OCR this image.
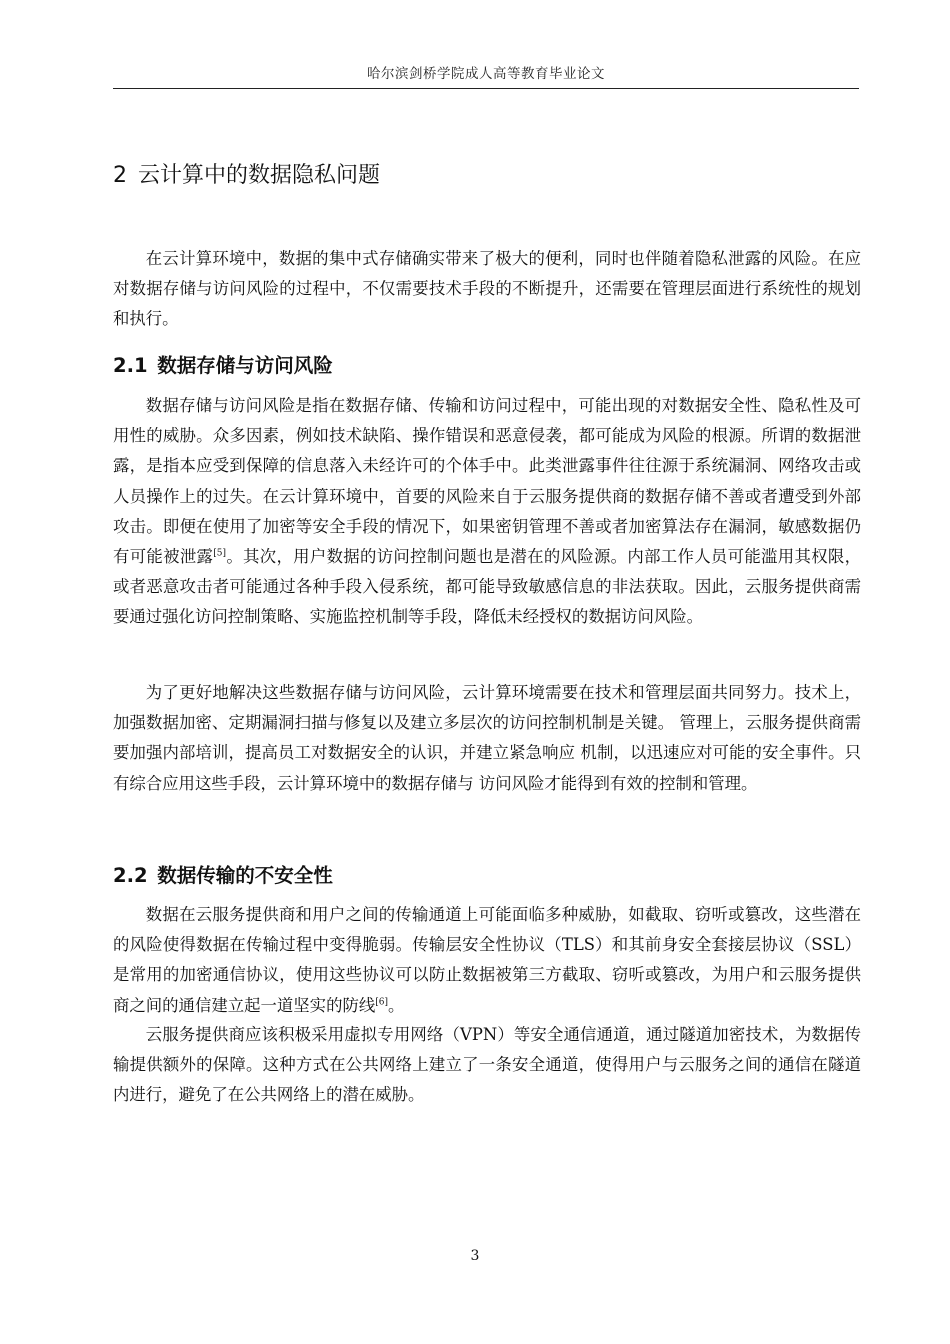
哈尔滨剑桥学院成人高等教育毕业论文
2  云计算中的数据隐私问题

在云计算环境中，数据的集中式存储确实带来了极大的便利，同时也伴随着隐私泄露的风险。在应对数据存储与访问风险的过程中，不仅需要技术手段的不断提升，还需要在管理层面进行系统性的规划和执行。

2.1  数据存储与访问风险

数据存储与访问风险是指在数据存储、传输和访问过程中，可能出现的对数据安全性、隐私性及可用性的威胁。众多因素，例如技术缺陷、操作错误和恶意侵袭，都可能成为风险的根源。所谓的数据泄露，是指本应受到保障的信息落入未经许可的个体手中。此类泄露事件往往源于系统漏洞、网络攻击或人员操作上的过失。在云计算环境中，首要的风险来自于云服务提供商的数据存储不善或者遭受到外部攻击。即便在使用了加密等安全手段的情况下，如果密钥管理不善或者加密算法存在漏洞，敏感数据仍有可能被泄露[5]。其次，用户数据的访问控制问题也是潜在的风险源。内部工作人员可能滥用其权限，或者恶意攻击者可能通过各种手段入侵系统，都可能导致敏感信息的非法获取。因此，云服务提供商需要通过强化访问控制策略、实施监控机制等手段，降低未经授权的数据访问风险。

为了更好地解决这些数据存储与访问风险，云计算环境需要在技术和管理层面共同努力。技术上，加强数据加密、定期漏洞扫描与修复以及建立多层次的访问控制机制是关键。 管理上，云服务提供商需要加强内部培训，提高员工对数据安全的认识，并建立紧急响应 机制，以迅速应对可能的安全事件。只有综合应用这些手段，云计算环境中的数据存储与 访问风险才能得到有效的控制和管理。

2.2  数据传输的不安全性

数据在云服务提供商和用户之间的传输通道上可能面临多种威胁，如截取、窃听或篡改，这些潜在的风险使得数据在传输过程中变得脆弱。传输层安全性协议（TLS）和其前身安全套接层协议（SSL）是常用的加密通信协议，使用这些协议可以防止数据被第三方截取、窃听或篡改，为用户和云服务提供商之间的通信建立起一道坚实的防线[6]。

云服务提供商应该积极采用虚拟专用网络（VPN）等安全通信通道，通过隧道加密技术，为数据传输提供额外的保障。这种方式在公共网络上建立了一条安全通道，使得用户与云服务之间的通信在隧道内进行，避免了在公共网络上的潜在威胁。

3
